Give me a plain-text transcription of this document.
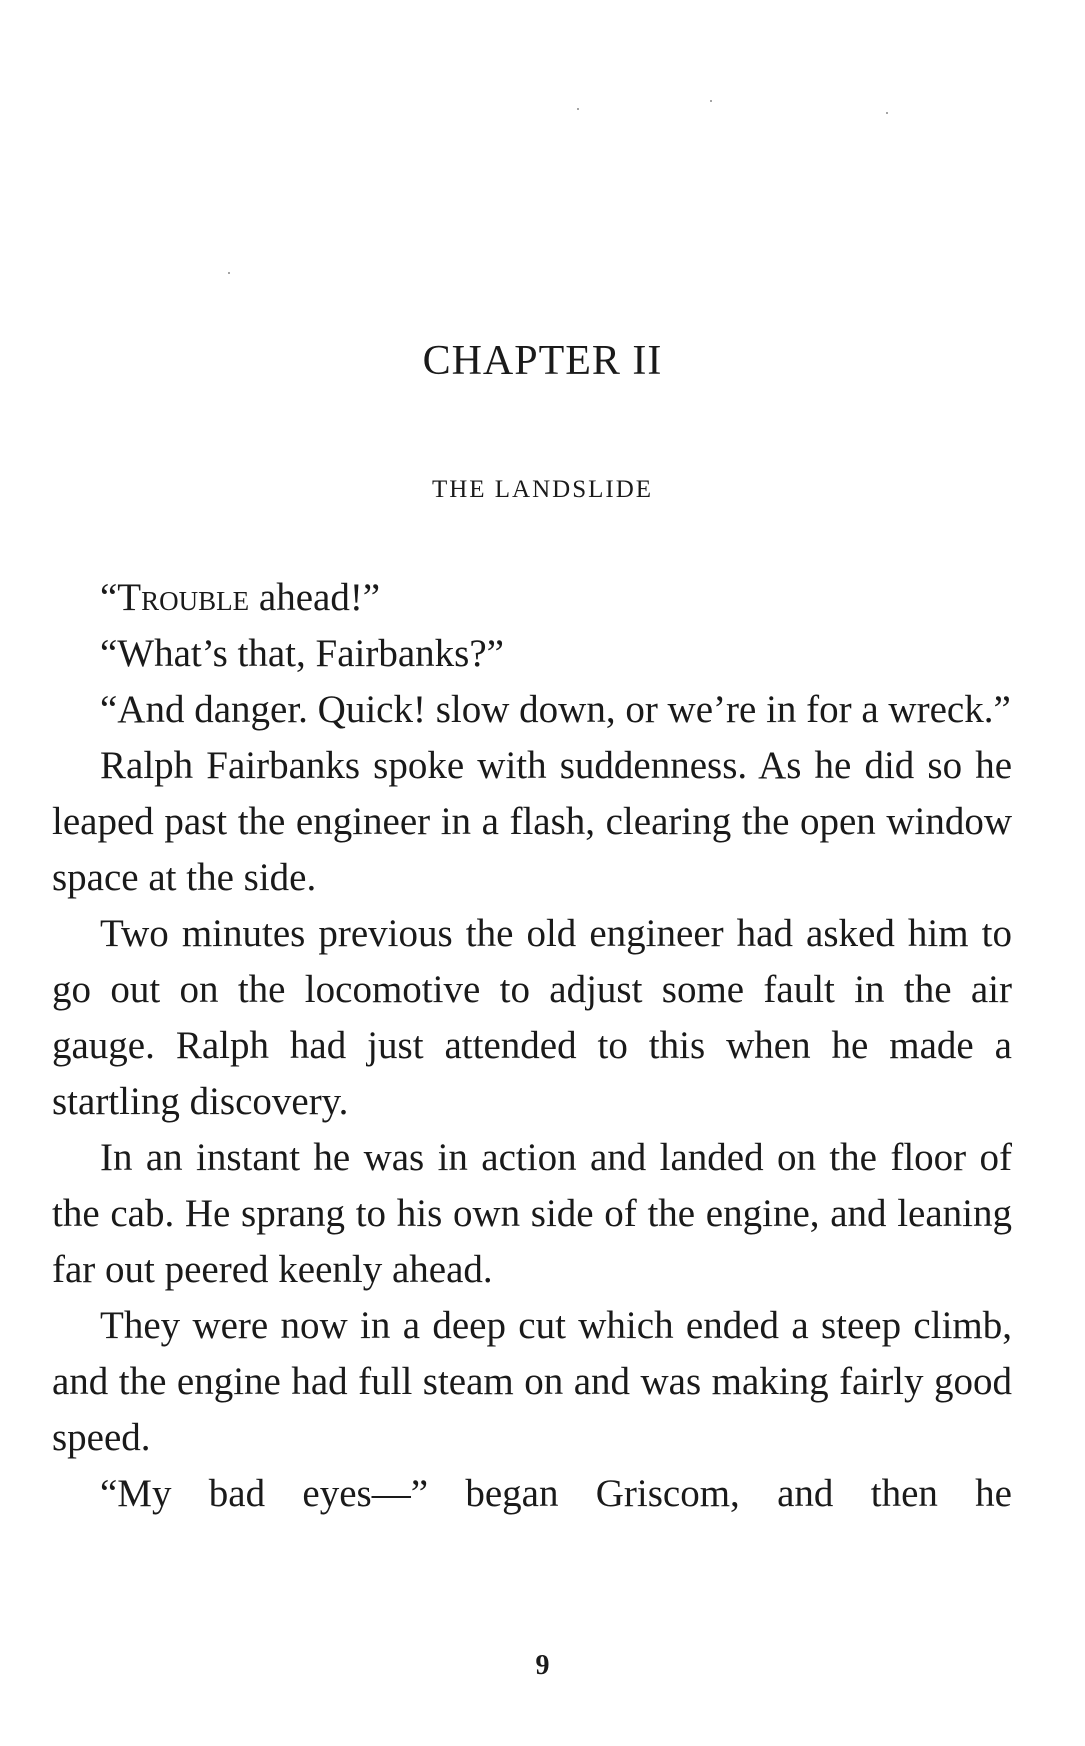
CHAPTER II
THE LANDSLIDE

“Trouble ahead!”

“What’s that, Fairbanks?”

“And danger. Quick! slow down, or we’re in for a wreck.”

Ralph Fairbanks spoke with suddenness. As he did so he leaped past the engineer in a flash, clearing the open window space at the side.

Two minutes previous the old engineer had asked him to go out on the locomotive to adjust some fault in the air gauge. Ralph had just attended to this when he made a startling discovery.

In an instant he was in action and landed on the floor of the cab. He sprang to his own side of the engine, and leaning far out peered keenly ahead.

They were now in a deep cut which ended a steep climb, and the engine had full steam on and was making fairly good speed.

“My bad eyes—” began Griscom, and then he

9
